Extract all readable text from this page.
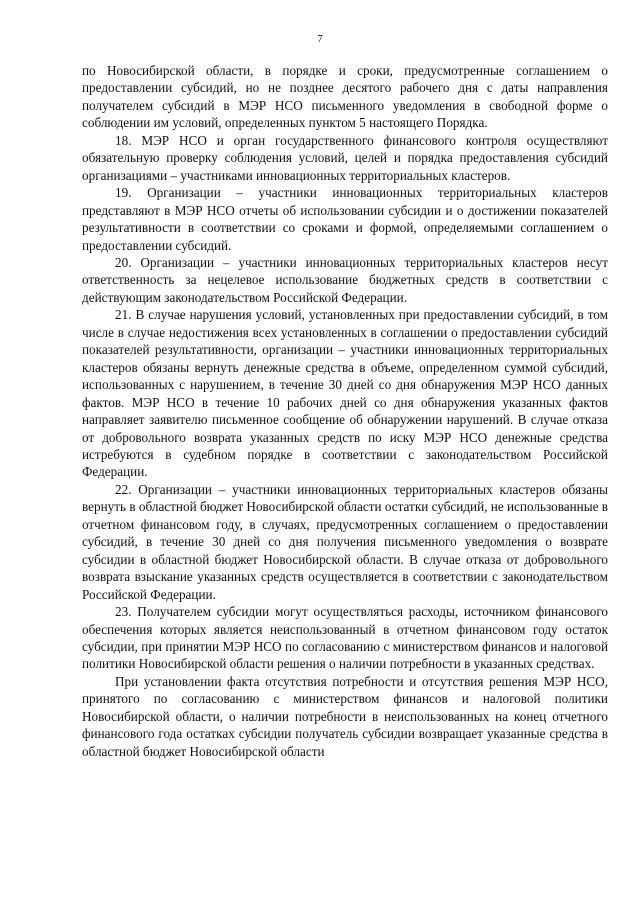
7

по Новосибирской области, в порядке и сроки, предусмотренные соглашением о предоставлении субсидий, но не позднее десятого рабочего дня с даты направления получателем субсидий в МЭР НСО письменного уведомления в свободной форме о соблюдении им условий, определенных пунктом 5 настоящего Порядка.

18. МЭР НСО и орган государственного финансового контроля осуществляют обязательную проверку соблюдения условий, целей и порядка предоставления субсидий организациями – участниками инновационных территориальных кластеров.

19. Организации – участники инновационных территориальных кластеров представляют в МЭР НСО отчеты об использовании субсидии и о достижении показателей результативности в соответствии со сроками и формой, определяемыми соглашением о предоставлении субсидий.

20. Организации – участники инновационных территориальных кластеров несут ответственность за нецелевое использование бюджетных средств в соответствии с действующим законодательством Российской Федерации.

21. В случае нарушения условий, установленных при предоставлении субсидий, в том числе в случае недостижения всех установленных в соглашении о предоставлении субсидий показателей результативности, организации – участники инновационных территориальных кластеров обязаны вернуть денежные средства в объеме, определенном суммой субсидий, использованных с нарушением, в течение 30 дней со дня обнаружения МЭР НСО данных фактов. МЭР НСО в течение 10 рабочих дней со дня обнаружения указанных фактов направляет заявителю письменное сообщение об обнаружении нарушений. В случае отказа от добровольного возврата указанных средств по иску МЭР НСО денежные средства истребуются в судебном порядке в соответствии с законодательством Российской Федерации.

22. Организации – участники инновационных территориальных кластеров обязаны вернуть в областной бюджет Новосибирской области остатки субсидий, не использованные в отчетном финансовом году, в случаях, предусмотренных соглашением о предоставлении субсидий, в течение 30 дней со дня получения письменного уведомления о возврате субсидии в областной бюджет Новосибирской области. В случае отказа от добровольного возврата взыскание указанных средств осуществляется в соответствии с законодательством Российской Федерации.

23. Получателем субсидии могут осуществляться расходы, источником финансового обеспечения которых является неиспользованный в отчетном финансовом году остаток субсидии, при принятии МЭР НСО по согласованию с министерством финансов и налоговой политики Новосибирской области решения о наличии потребности в указанных средствах.

При установлении факта отсутствия потребности и отсутствия решения МЭР НСО, принятого по согласованию с министерством финансов и налоговой политики Новосибирской области, о наличии потребности в неиспользованных на конец отчетного финансового года остатках субсидии получатель субсидии возвращает указанные средства в областной бюджет Новосибирской области
